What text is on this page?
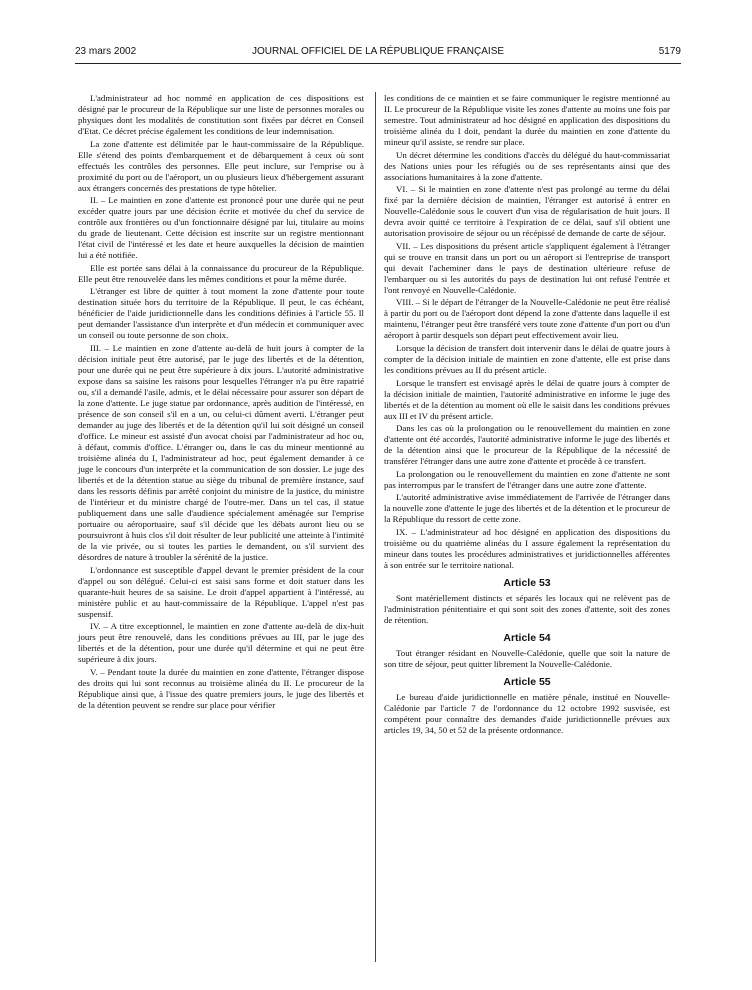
23 mars 2002	JOURNAL OFFICIEL DE LA RÉPUBLIQUE FRANÇAISE	5179

L'administrateur ad hoc nommé en application de ces dispositions est désigné par le procureur de la République sur une liste de personnes morales ou physiques dont les modalités de constitution sont fixées par décret en Conseil d'Etat. Ce décret précise également les conditions de leur indemnisation.

La zone d'attente est délimitée par le haut-commissaire de la République. Elle s'étend des points d'embarquement et de débarquement à ceux où sont effectués les contrôles des personnes. Elle peut inclure, sur l'emprise ou à proximité du port ou de l'aéroport, un ou plusieurs lieux d'hébergement assurant aux étrangers concernés des prestations de type hôtelier.

II. – Le maintien en zone d'attente est prononcé pour une durée qui ne peut excéder quatre jours par une décision écrite et motivée du chef du service de contrôle aux frontières ou d'un fonctionnaire désigné par lui, titulaire au moins du grade de lieutenant. Cette décision est inscrite sur un registre mentionnant l'état civil de l'intéressé et les date et heure auxquelles la décision de maintien lui a été notifiée.

Elle est portée sans délai à la connaissance du procureur de la République. Elle peut être renouvelée dans les mêmes conditions et pour la même durée.

L'étranger est libre de quitter à tout moment la zone d'attente pour toute destination située hors du territoire de la République. Il peut, le cas échéant, bénéficier de l'aide juridictionnelle dans les conditions définies à l'article 55. Il peut demander l'assistance d'un interprète et d'un médecin et communiquer avec un conseil ou toute personne de son choix.

III. – Le maintien en zone d'attente au-delà de huit jours à compter de la décision initiale peut être autorisé, par le juge des libertés et de la détention, pour une durée qui ne peut être supérieure à dix jours. L'autorité administrative expose dans sa saisine les raisons pour lesquelles l'étranger n'a pu être rapatrié ou, s'il a demandé l'asile, admis, et le délai nécessaire pour assurer son départ de la zone d'attente. Le juge statue par ordonnance, après audition de l'intéressé, en présence de son conseil s'il en a un, ou celui-ci dûment averti. L'étranger peut demander au juge des libertés et de la détention qu'il lui soit désigné un conseil d'office. Le mineur est assisté d'un avocat choisi par l'administrateur ad hoc ou, à défaut, commis d'office. L'étranger ou, dans le cas du mineur mentionné au troisième alinéa du I, l'administrateur ad hoc, peut également demander à ce juge le concours d'un interprète et la communication de son dossier. Le juge des libertés et de la détention statue au siège du tribunal de première instance, sauf dans les ressorts définis par arrêté conjoint du ministre de la justice, du ministre de l'intérieur et du ministre chargé de l'outre-mer. Dans un tel cas, il statue publiquement dans une salle d'audience spécialement aménagée sur l'emprise portuaire ou aéroportuaire, sauf s'il décide que les débats auront lieu ou se poursuivront à huis clos s'il doit résulter de leur publicité une atteinte à l'intimité de la vie privée, ou si toutes les parties le demandent, ou s'il survient des désordres de nature à troubler la sérénité de la justice.

L'ordonnance est susceptible d'appel devant le premier président de la cour d'appel ou son délégué. Celui-ci est saisi sans forme et doit statuer dans les quarante-huit heures de sa saisine. Le droit d'appel appartient à l'intéressé, au ministère public et au haut-commissaire de la République. L'appel n'est pas suspensif.

IV. – A titre exceptionnel, le maintien en zone d'attente au-delà de dix-huit jours peut être renouvelé, dans les conditions prévues au III, par le juge des libertés et de la détention, pour une durée qu'il détermine et qui ne peut être supérieure à dix jours.

V. – Pendant toute la durée du maintien en zone d'attente, l'étranger dispose des droits qui lui sont reconnus au troisième alinéa du II. Le procureur de la République ainsi que, à l'issue des quatre premiers jours, le juge des libertés et de la détention peuvent se rendre sur place pour vérifier

les conditions de ce maintien et se faire communiquer le registre mentionné au II. Le procureur de la République visite les zones d'attente au moins une fois par semestre. Tout administrateur ad hoc désigné en application des dispositions du troisième alinéa du I doit, pendant la durée du maintien en zone d'attente du mineur qu'il assiste, se rendre sur place.

Un décret détermine les conditions d'accès du délégué du haut-commissariat des Nations unies pour les réfugiés ou de ses représentants ainsi que des associations humanitaires à la zone d'attente.

VI. – Si le maintien en zone d'attente n'est pas prolongé au terme du délai fixé par la dernière décision de maintien, l'étranger est autorisé à entrer en Nouvelle-Calédonie sous le couvert d'un visa de régularisation de huit jours. Il devra avoir quitté ce territoire à l'expiration de ce délai, sauf s'il obtient une autorisation provisoire de séjour ou un récépissé de demande de carte de séjour.

VII. – Les dispositions du présent article s'appliquent également à l'étranger qui se trouve en transit dans un port ou un aéroport si l'entreprise de transport qui devait l'acheminer dans le pays de destination ultérieure refuse de l'embarquer ou si les autorités du pays de destination lui ont refusé l'entrée et l'ont renvoyé en Nouvelle-Calédonie.

VIII. – Si le départ de l'étranger de la Nouvelle-Calédonie ne peut être réalisé à partir du port ou de l'aéroport dont dépend la zone d'attente dans laquelle il est maintenu, l'étranger peut être transféré vers toute zone d'attente d'un port ou d'un aéroport à partir desquels son départ peut effectivement avoir lieu.

Lorsque la décision de transfert doit intervenir dans le délai de quatre jours à compter de la décision initiale de maintien en zone d'attente, elle est prise dans les conditions prévues au II du présent article.

Lorsque le transfert est envisagé après le délai de quatre jours à compter de la décision initiale de maintien, l'autorité administrative en informe le juge des libertés et de la détention au moment où elle le saisit dans les conditions prévues aux III et IV du présent article.

Dans les cas où la prolongation ou le renouvellement du maintien en zone d'attente ont été accordés, l'autorité administrative informe le juge des libertés et de la détention ainsi que le procureur de la République de la nécessité de transférer l'étranger dans une autre zone d'attente et procède à ce transfert.

La prolongation ou le renouvellement du maintien en zone d'attente ne sont pas interrompus par le transfert de l'étranger dans une autre zone d'attente.

L'autorité administrative avise immédiatement de l'arrivée de l'étranger dans la nouvelle zone d'attente le juge des libertés et de la détention et le procureur de la République du ressort de cette zone.

IX. – L'administrateur ad hoc désigné en application des dispositions du troisième ou du quatrième alinéas du I assure également la représentation du mineur dans toutes les procédures administratives et juridictionnelles afférentes à son entrée sur le territoire national.

Article 53

Sont matériellement distincts et séparés les locaux qui ne relèvent pas de l'administration pénitentiaire et qui sont soit des zones d'attente, soit des zones de rétention.

Article 54

Tout étranger résidant en Nouvelle-Calédonie, quelle que soit la nature de son titre de séjour, peut quitter librement la Nouvelle-Calédonie.

Article 55

Le bureau d'aide juridictionnelle en matière pénale, institué en Nouvelle-Calédonie par l'article 7 de l'ordonnance du 12 octobre 1992 susvisée, est compétent pour connaître des demandes d'aide juridictionnelle prévues aux articles 19, 34, 50 et 52 de la présente ordonnance.
